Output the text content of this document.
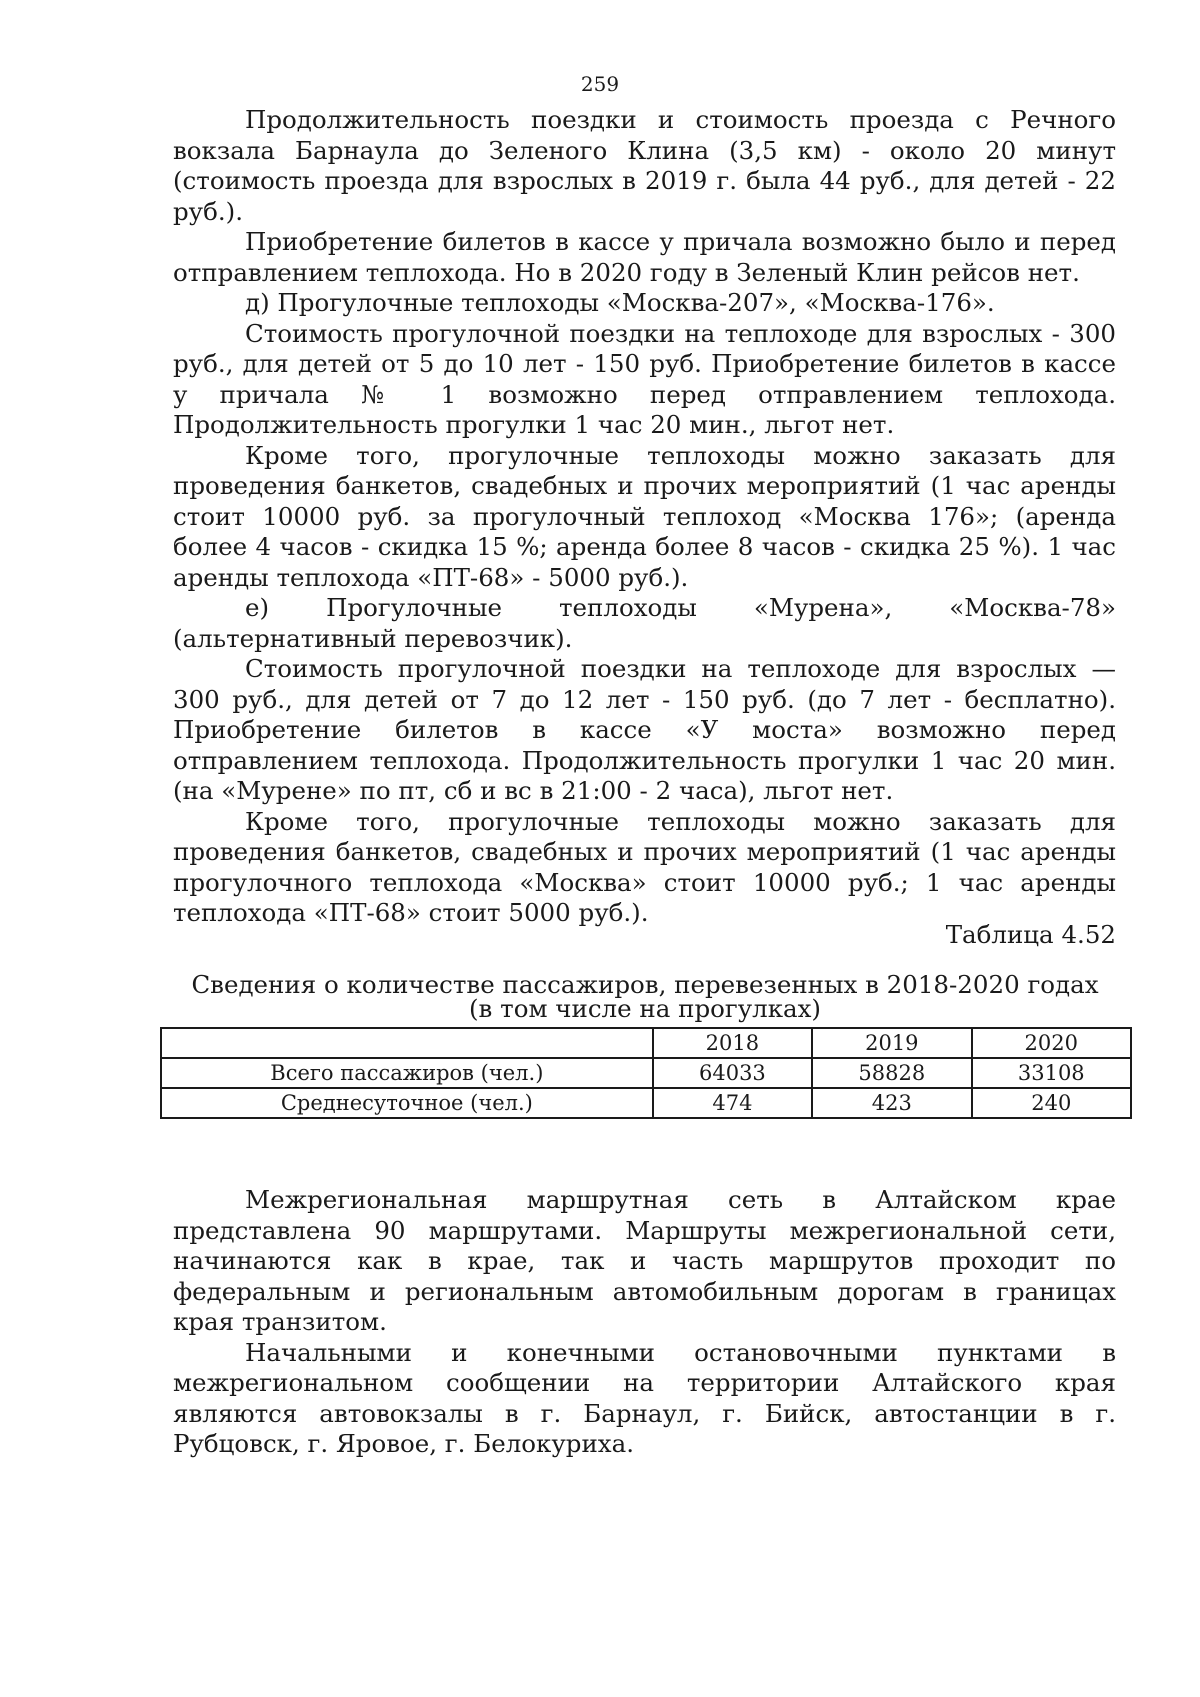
259

Продолжительность поездки и стоимость проезда с Речного вокзала Барнаула до Зеленого Клина (3,5 км) - около 20 минут (стоимость проезда для взрослых в 2019 г. была 44 руб., для детей - 22 руб.).

Приобретение билетов в кассе у причала возможно было и перед отправлением теплохода. Но в 2020 году в Зеленый Клин рейсов нет.

д) Прогулочные теплоходы «Москва-207», «Москва-176».

Стоимость прогулочной поездки на теплоходе для взрослых - 300 руб., для детей от 5 до 10 лет - 150 руб. Приобретение билетов в кассе у причала № 1 возможно перед отправлением теплохода. Продолжительность прогулки 1 час 20 мин., льгот нет.

Кроме того, прогулочные теплоходы можно заказать для проведения банкетов, свадебных и прочих мероприятий (1 час аренды стоит 10000 руб. за прогулочный теплоход «Москва 176»; (аренда более 4 часов - скидка 15 %; аренда более 8 часов - скидка 25 %). 1 час аренды теплохода «ПТ-68» - 5000 руб.).

е) Прогулочные теплоходы «Мурена», «Москва-78» (альтернативный перевозчик).

Стоимость прогулочной поездки на теплоходе для взрослых — 300 руб., для детей от 7 до 12 лет - 150 руб. (до 7 лет - бесплатно). Приобретение билетов в кассе «У моста» возможно перед отправлением теплохода. Продолжительность прогулки 1 час 20 мин. (на «Мурене» по пт, сб и вс в 21:00 - 2 часа), льгот нет.

Кроме того, прогулочные теплоходы можно заказать для проведения банкетов, свадебных и прочих мероприятий (1 час аренды прогулочного теплохода «Москва» стоит 10000 руб.; 1 час аренды теплохода «ПТ-68» стоит 5000 руб.).

Таблица 4.52
Сведения о количестве пассажиров, перевезенных в 2018-2020 годах
(в том числе на прогулках)
	2018	2019	2020
Всего пассажиров (чел.)	64033	58828	33108
Среднесуточное (чел.)	474	423	240

Межрегиональная маршрутная сеть в Алтайском крае представлена 90 маршрутами. Маршруты межрегиональной сети, начинаются как в крае, так и часть маршрутов проходит по федеральным и региональным автомобильным дорогам в границах края транзитом.

Начальными и конечными остановочными пунктами в межрегиональном сообщении на территории Алтайского края являются автовокзалы в г. Барнаул, г. Бийск, автостанции в г. Рубцовск, г. Яровое, г. Белокуриха.
